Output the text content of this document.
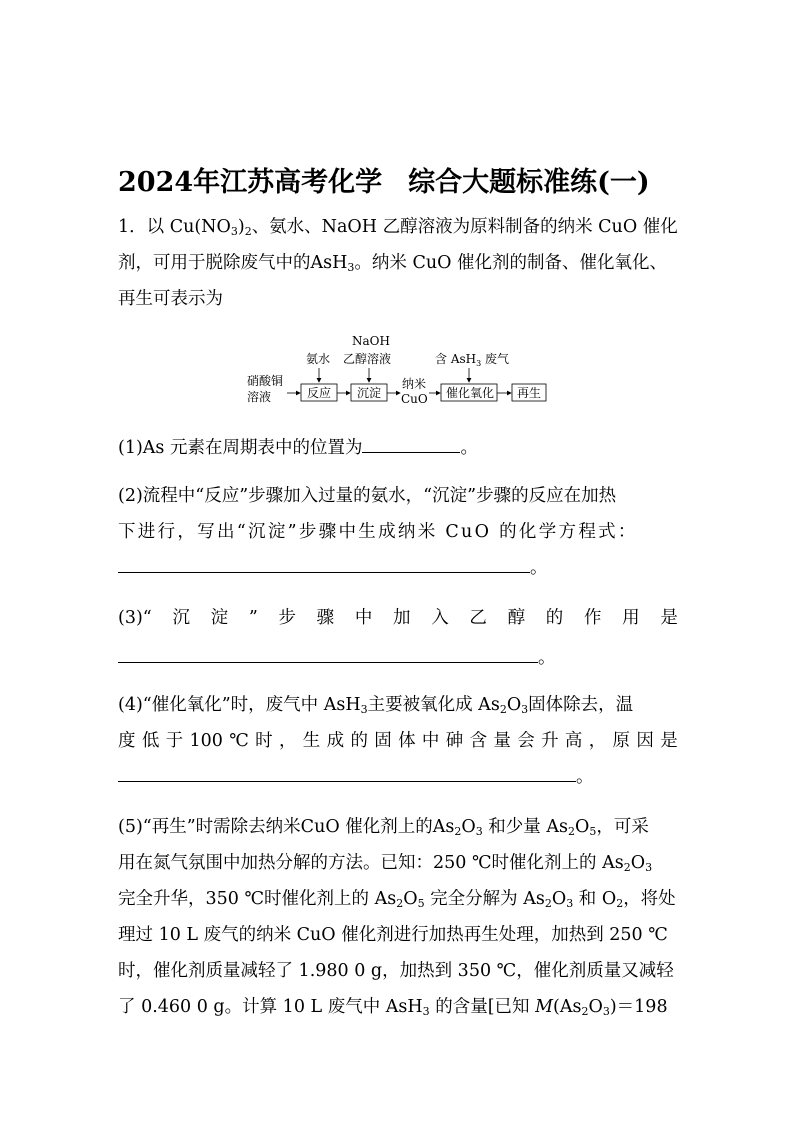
2024年江苏高考化学 综合大题标准练(一)
1．以 $Cu(NO_3)_2$、氨水、NaOH 乙醇溶液为原料制备的纳米 CuO 催化
剂，可用于脱除废气中的AsH$_3$。纳米 CuO 催化剂的制备、催化氧化、
再生可表示为
硝酸铜
溶液	反应
氨水
沉淀
NaOH
乙醇溶液
纳米
CuO 催化氧化
含 AsH$_3$ 废气
再生
(1)As 元素在周期表中的位置为	。
(2)流程中“反应”步骤加入过量的氨水，“沉淀”步骤的反应在加热
下进行，写出“沉淀”步骤中生成纳米 CuO 的化学方程式：
。
(3)“ 沉 淀 ” 步 骤 中 加 入 乙 醇 的 作 用 是
。
(4)“催化氧化”时，废气中 AsH$_3$主要被氧化成 $As_2O_3$固体除去，温
度 低 于 100 ℃ 时 ， 生 成 的 固 体 中 砷 含 量 会 升 高 ， 原 因 是
。
(5)“再生”时需除去纳米CuO 催化剂上的$As_2O_3$ 和少量 $As_2O_5$，可采
用在氮气氛围中加热分解的方法。已知：250 ℃时催化剂上的 $As_2O_3$
完全升华，350 ℃时催化剂上的 $As_2O_5$ 完全分解为 $As_2O_3$ 和 $O_2$，将处
理过 10 L 废气的纳米 CuO 催化剂进行加热再生处理，加热到 250 ℃
时，催化剂质量减轻了 1.980 0 g，加热到 350 ℃，催化剂质量又减轻
了 0.460 0 g。计算 10 L 废气中 AsH$_3$ 的含量[已知 $M(As_2O_3)=198$
